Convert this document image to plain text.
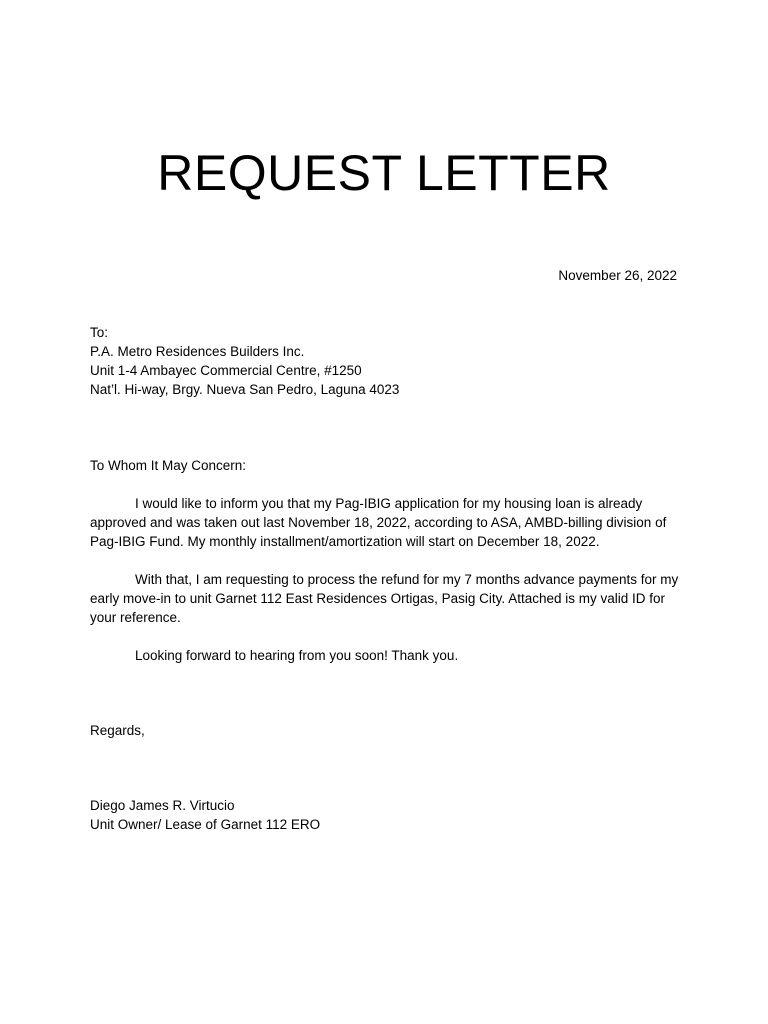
REQUEST LETTER
November 26, 2022
To:
P.A. Metro Residences Builders Inc.
Unit 1-4 Ambayec Commercial Centre, #1250
Nat’l. Hi-way, Brgy. Nueva San Pedro, Laguna 4023
To Whom It May Concern:

I would like to inform you that my Pag-IBIG application for my housing loan is already approved and was taken out last November 18, 2022, according to ASA, AMBD-billing division of Pag-IBIG Fund. My monthly installment/amortization will start on December 18, 2022.

With that, I am requesting to process the refund for my 7 months advance payments for my early move-in to unit Garnet 112 East Residences Ortigas, Pasig City. Attached is my valid ID for your reference.

Looking forward to hearing from you soon! Thank you.

Regards,
Diego James R. Virtucio
Unit Owner/ Lease of Garnet 112 ERO
